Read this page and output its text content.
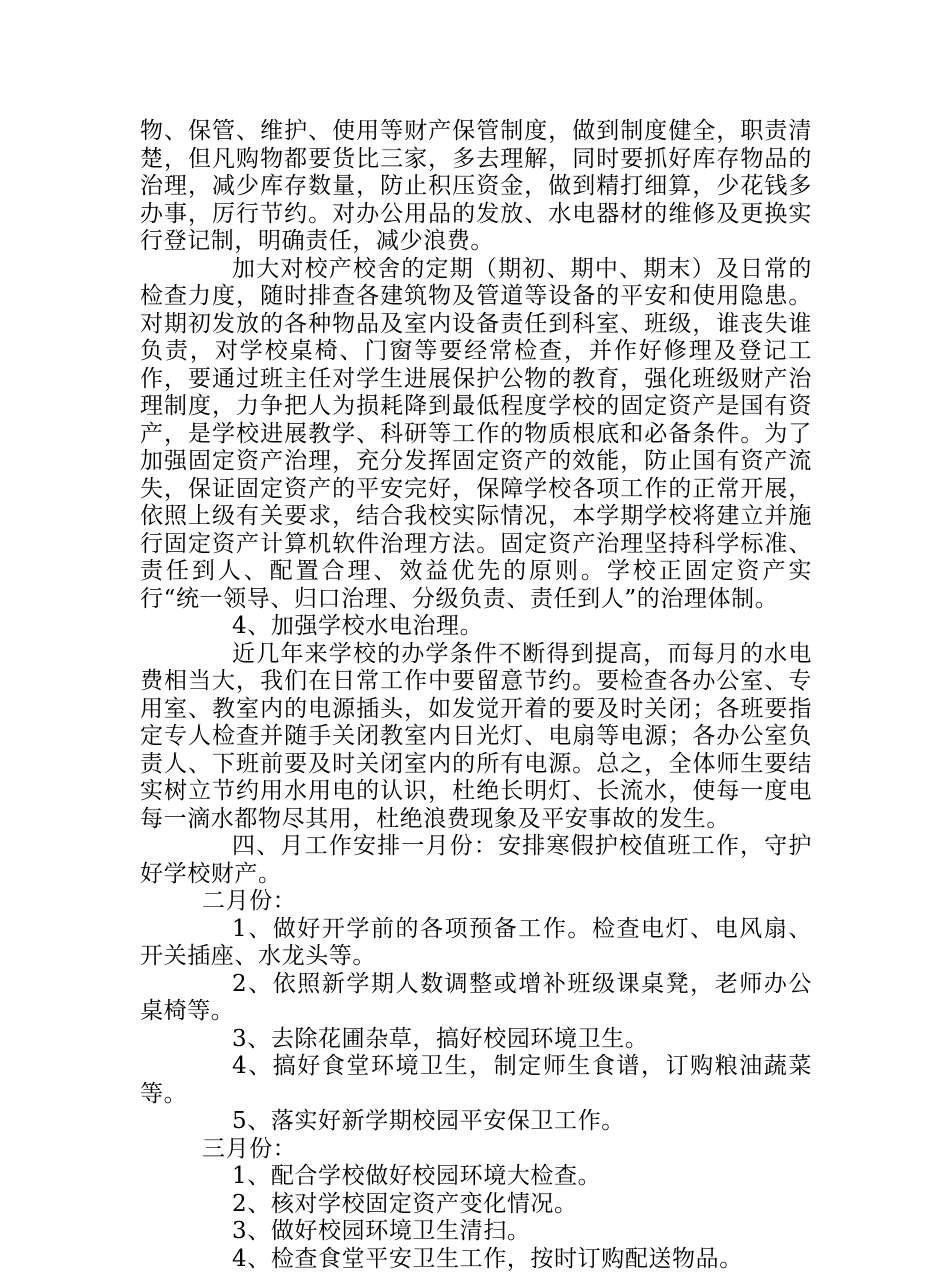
物、保管、维护、使用等财产保管制度，做到制度健全，职责清楚，但凡购物都要货比三家，多去理解，同时要抓好库存物品的治理，减少库存数量，防止积压资金，做到精打细算，少花钱多办事，厉行节约。对办公用品的发放、水电器材的维修及更换实行登记制，明确责任，减少浪费。

加大对校产校舍的定期（期初、期中、期末）及日常的检查力度，随时排查各建筑物及管道等设备的平安和使用隐患。对期初发放的各种物品及室内设备责任到科室、班级，谁丧失谁负责，对学校桌椅、门窗等要经常检查，并作好修理及登记工作，要通过班主任对学生进展保护公物的教育，强化班级财产治理制度，力争把人为损耗降到最低程度学校的固定资产是国有资产，是学校进展教学、科研等工作的物质根底和必备条件。为了加强固定资产治理，充分发挥固定资产的效能，防止国有资产流失，保证固定资产的平安完好，保障学校各项工作的正常开展，依照上级有关要求，结合我校实际情况，本学期学校将建立并施行固定资产计算机软件治理方法。固定资产治理坚持科学标准、责任到人、配置合理、效益优先的原则。学校正固定资产实行“统一领导、归口治理、分级负责、责任到人”的治理体制。

4、加强学校水电治理。

近几年来学校的办学条件不断得到提高，而每月的水电费相当大，我们在日常工作中要留意节约。要检查各办公室、专用室、教室内的电源插头，如发觉开着的要及时关闭；各班要指定专人检查并随手关闭教室内日光灯、电扇等电源；各办公室负责人、下班前要及时关闭室内的所有电源。总之，全体师生要结实树立节约用水用电的认识，杜绝长明灯、长流水，使每一度电每一滴水都物尽其用，杜绝浪费现象及平安事故的发生。

四、月工作安排一月份：安排寒假护校值班工作，守护好学校财产。

二月份：

1、做好开学前的各项预备工作。检查电灯、电风扇、开关插座、水龙头等。

2、依照新学期人数调整或增补班级课桌凳，老师办公桌椅等。

3、去除花圃杂草，搞好校园环境卫生。

4、搞好食堂环境卫生，制定师生食谱，订购粮油蔬菜等。

5、落实好新学期校园平安保卫工作。

三月份：

1、配合学校做好校园环境大检查。

2、核对学校固定资产变化情况。

3、做好校园环境卫生清扫。

4、检查食堂平安卫生工作，按时订购配送物品。
